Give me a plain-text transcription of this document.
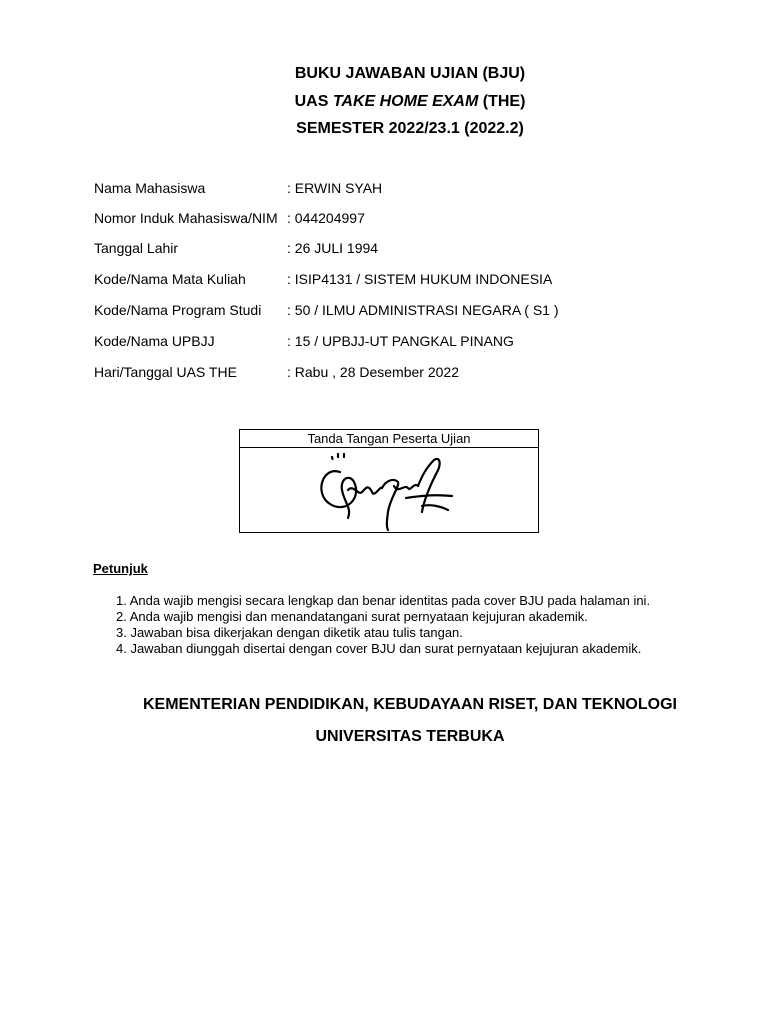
BUKU JAWABAN UJIAN (BJU)
UAS TAKE HOME EXAM (THE)
SEMESTER 2022/23.1 (2022.2)
Nama Mahasiswa	: ERWIN SYAH
Nomor Induk Mahasiswa/NIM : 044204997
Tanggal Lahir	: 26 JULI 1994
Kode/Nama Mata Kuliah	: ISIP4131 / SISTEM HUKUM INDONESIA
Kode/Nama Program Studi : 50 / ILMU ADMINISTRASI NEGARA ( S1 )
Kode/Nama UPBJJ	: 15 / UPBJJ-UT PANGKAL PINANG
Hari/Tanggal UAS THE	: Rabu , 28 Desember 2022
Tanda Tangan Peserta Ujian
Petunjuk
1. Anda wajib mengisi secara lengkap dan benar identitas pada cover BJU pada halaman ini.
2. Anda wajib mengisi dan menandatangani surat pernyataan kejujuran akademik.
3. Jawaban bisa dikerjakan dengan diketik atau tulis tangan.
4. Jawaban diunggah disertai dengan cover BJU dan surat pernyataan kejujuran akademik.
KEMENTERIAN PENDIDIKAN, KEBUDAYAAN RISET, DAN TEKNOLOGI
UNIVERSITAS TERBUKA
